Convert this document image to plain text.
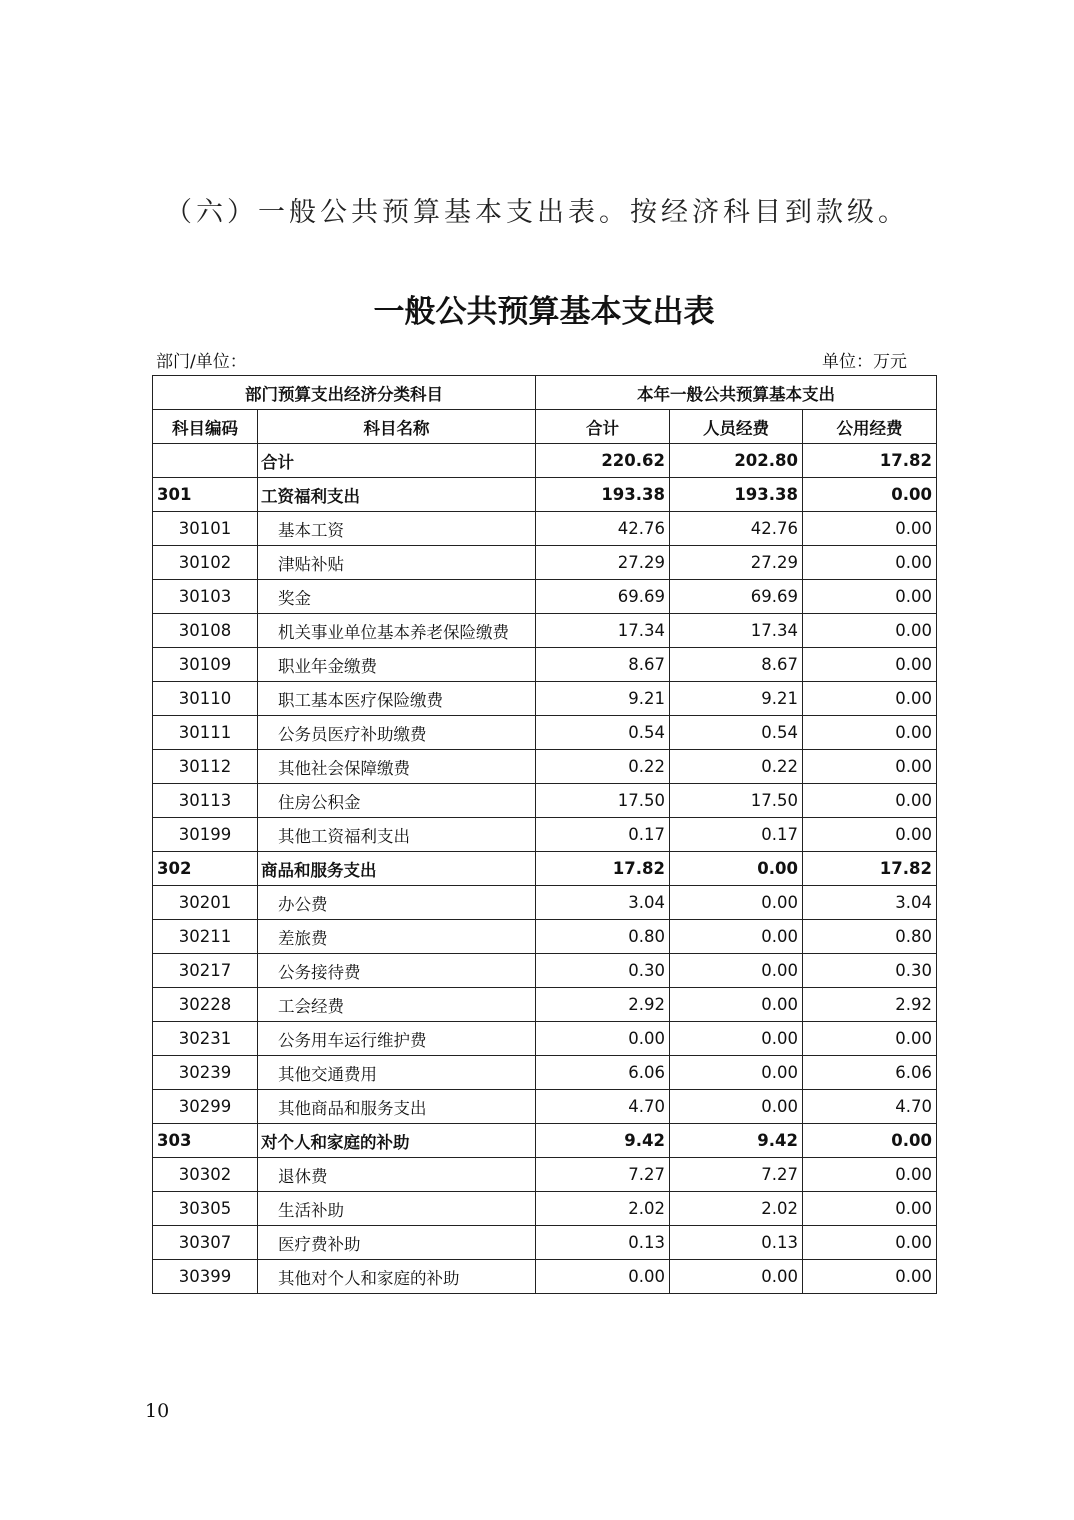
（六）一般公共预算基本支出表。按经济科目到款级。
一般公共预算基本支出表
部门/单位：	单位：万元
部门预算支出经济分类科目		本年一般公共预算基本支出		
科目编码	科目名称	合计	人员经费	公用经费
	合计	220.62	202.80	17.82
301	工资福利支出	193.38	193.38	0.00
30101	基本工资	42.76	42.76	0.00
30102	津贴补贴	27.29	27.29	0.00
30103	奖金	69.69	69.69	0.00
30108	机关事业单位基本养老保险缴费	17.34	17.34	0.00
30109	职业年金缴费	8.67	8.67	0.00
30110	职工基本医疗保险缴费	9.21	9.21	0.00
30111	公务员医疗补助缴费	0.54	0.54	0.00
30112	其他社会保障缴费	0.22	0.22	0.00
30113	住房公积金	17.50	17.50	0.00
30199	其他工资福利支出	0.17	0.17	0.00
302	商品和服务支出	17.82	0.00	17.82
30201	办公费	3.04	0.00	3.04
30211	差旅费	0.80	0.00	0.80
30217	公务接待费	0.30	0.00	0.30
30228	工会经费	2.92	0.00	2.92
30231	公务用车运行维护费	0.00	0.00	0.00
30239	其他交通费用	6.06	0.00	6.06
30299	其他商品和服务支出	4.70	0.00	4.70
303	对个人和家庭的补助	9.42	9.42	0.00
30302	退休费	7.27	7.27	0.00
30305	生活补助	2.02	2.02	0.00
30307	医疗费补助	0.13	0.13	0.00
30399	其他对个人和家庭的补助	0.00	0.00	0.00
10
